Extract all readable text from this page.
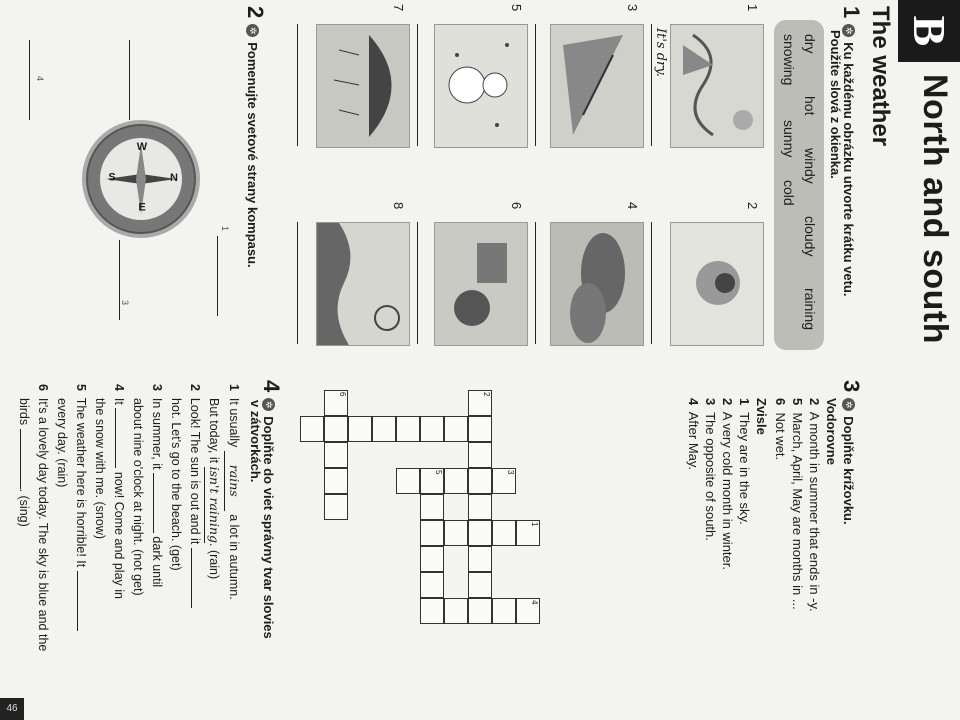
B
North and south
The weather
1✲Ku každému obrázku utvorte krátku vetu.
Použite slová z okienka.
dry
hot
windy
cloudy
raining
snowing
sunny
cold
1
2
It's dry.
3
4
5
6
7
8
2✲Pomenujte svetové strany kompasu.
1
3
4
N
S
E
W
3✲Doplňte krížovku.
Vodorovne
2  A month in summer that ends in -y.
5  March, April, May are months in ...
6  Not wet.
Zvisle
1  They are in the sky.
2  A very cold month in winter.
3  The opposite of south.
4  After May.
1
2
3
4
5
6
4✲Doplňte do viet správny tvar slovies
v zátvorkách.
1  It usually rains a lot in autumn.
But today, it isn't raining. (rain)
2  Look! The sun is out and it
hot. Let's go to the beach. (get)
3  In summer, it  dark until
about nine o'clock at night. (not get)
4  It  now! Come and play in
the snow with me. (snow)
5  The weather here is horrible! It
every day. (rain)
6  It's a lovely day today. The sky is blue and the
birds . (sing)
46
